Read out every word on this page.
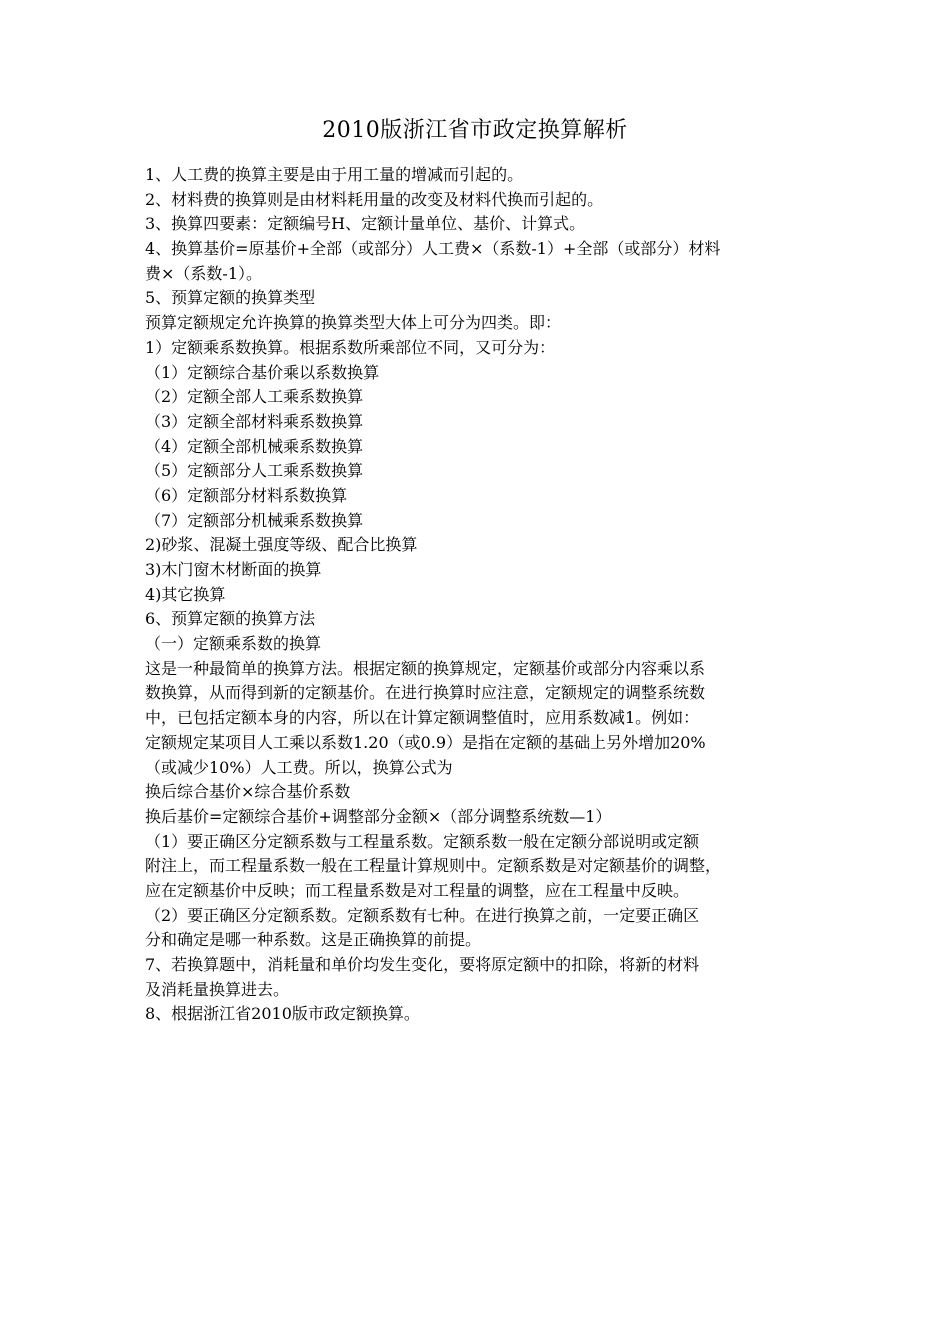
2010版浙江省市政定换算解析
1、人工费的换算主要是由于用工量的增减而引起的。
2、材料费的换算则是由材料耗用量的改变及材料代换而引起的。
3、换算四要素：定额编号H、定额计量单位、基价、计算式。
4、换算基价=原基价+全部（或部分）人工费×（系数-1）+全部（或部分）材料
费×（系数-1）。
5、预算定额的换算类型
预算定额规定允许换算的换算类型大体上可分为四类。即：
1）定额乘系数换算。根据系数所乘部位不同，又可分为：
（1）定额综合基价乘以系数换算
（2）定额全部人工乘系数换算
（3）定额全部材料乘系数换算
（4）定额全部机械乘系数换算
（5）定额部分人工乘系数换算
（6）定额部分材料系数换算
（7）定额部分机械乘系数换算
2)砂浆、混凝土强度等级、配合比换算
3)木门窗木材断面的换算
4)其它换算
6、预算定额的换算方法
（一）定额乘系数的换算
这是一种最简单的换算方法。根据定额的换算规定，定额基价或部分内容乘以系
数换算，从而得到新的定额基价。在进行换算时应注意，定额规定的调整系统数
中，已包括定额本身的内容，所以在计算定额调整值时，应用系数减1。例如：
定额规定某项目人工乘以系数1.20（或0.9）是指在定额的基础上另外增加20%
（或减少10%）人工费。所以，换算公式为
换后综合基价×综合基价系数
换后基价=定额综合基价+调整部分金额×（部分调整系统数—1）
（1）要正确区分定额系数与工程量系数。定额系数一般在定额分部说明或定额
附注上，而工程量系数一般在工程量计算规则中。定额系数是对定额基价的调整，
应在定额基价中反映；而工程量系数是对工程量的调整，应在工程量中反映。
（2）要正确区分定额系数。定额系数有七种。在进行换算之前，一定要正确区
分和确定是哪一种系数。这是正确换算的前提。
7、若换算题中，消耗量和单价均发生变化，要将原定额中的扣除，将新的材料
及消耗量换算进去。
8、根据浙江省2010版市政定额换算。
